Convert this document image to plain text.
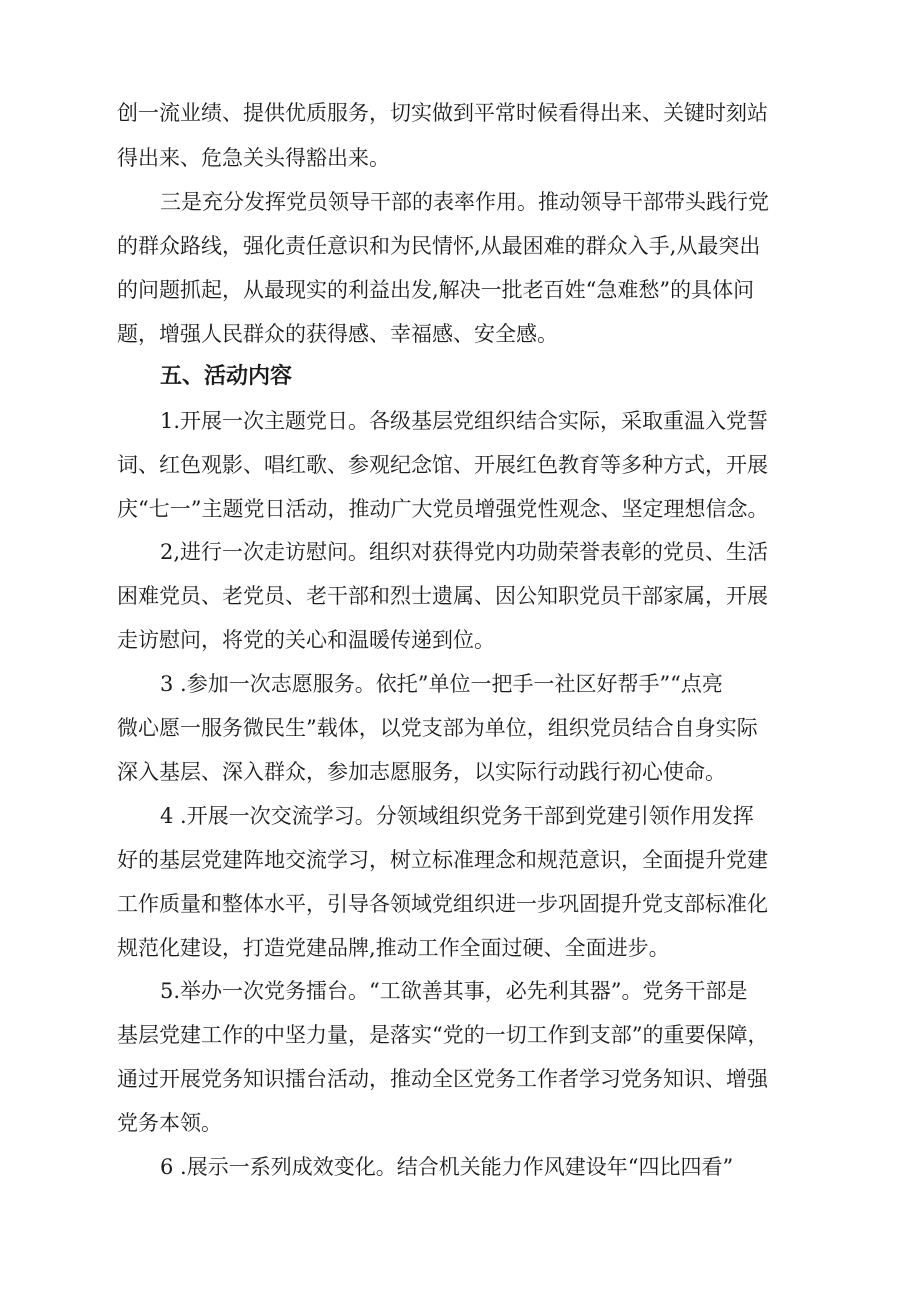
创一流业绩、提供优质服务，切实做到平常时候看得出来、关键时刻站
得出来、危急关头得豁出来。
三是充分发挥党员领导干部的表率作用。推动领导干部带头践行党
的群众路线，强化责任意识和为民情怀,从最困难的群众入手,从最突出
的问题抓起，从最现实的利益出发,解决一批老百姓“急难愁”的具体问
题，增强人民群众的获得感、幸福感、安全感。
五、活动内容
1.开展一次主题党日。各级基层党组织结合实际，采取重温入党誓
词、红色观影、唱红歌、参观纪念馆、开展红色教育等多种方式，开展
庆“七一”主题党日活动，推动广大党员增强党性观念、坚定理想信念。
2,进行一次走访慰问。组织对获得党内功勋荣誉表彰的党员、生活
困难党员、老党员、老干部和烈士遗属、因公知职党员干部家属，开展
走访慰问，将党的关心和温暖传递到位。
3 .参加一次志愿服务。依托”单位一把手一社区好帮手”“点亮
微心愿一服务微民生”载体，以党支部为单位，组织党员结合自身实际
深入基层、深入群众，参加志愿服务，以实际行动践行初心使命。
4 .开展一次交流学习。分领域组织党务干部到党建引领作用发挥
好的基层党建阵地交流学习，树立标准理念和规范意识，全面提升党建
工作质量和整体水平，引导各领域党组织进一步巩固提升党支部标准化
规范化建设，打造党建品牌,推动工作全面过硬、全面进步。
5.举办一次党务擂台。“工欲善其事，必先利其器”。党务干部是
基层党建工作的中坚力量，是落实“党的一切工作到支部”的重要保障，
通过开展党务知识擂台活动，推动全区党务工作者学习党务知识、增强
党务本领。
6 .展示一系列成效变化。结合机关能力作风建设年“四比四看”
